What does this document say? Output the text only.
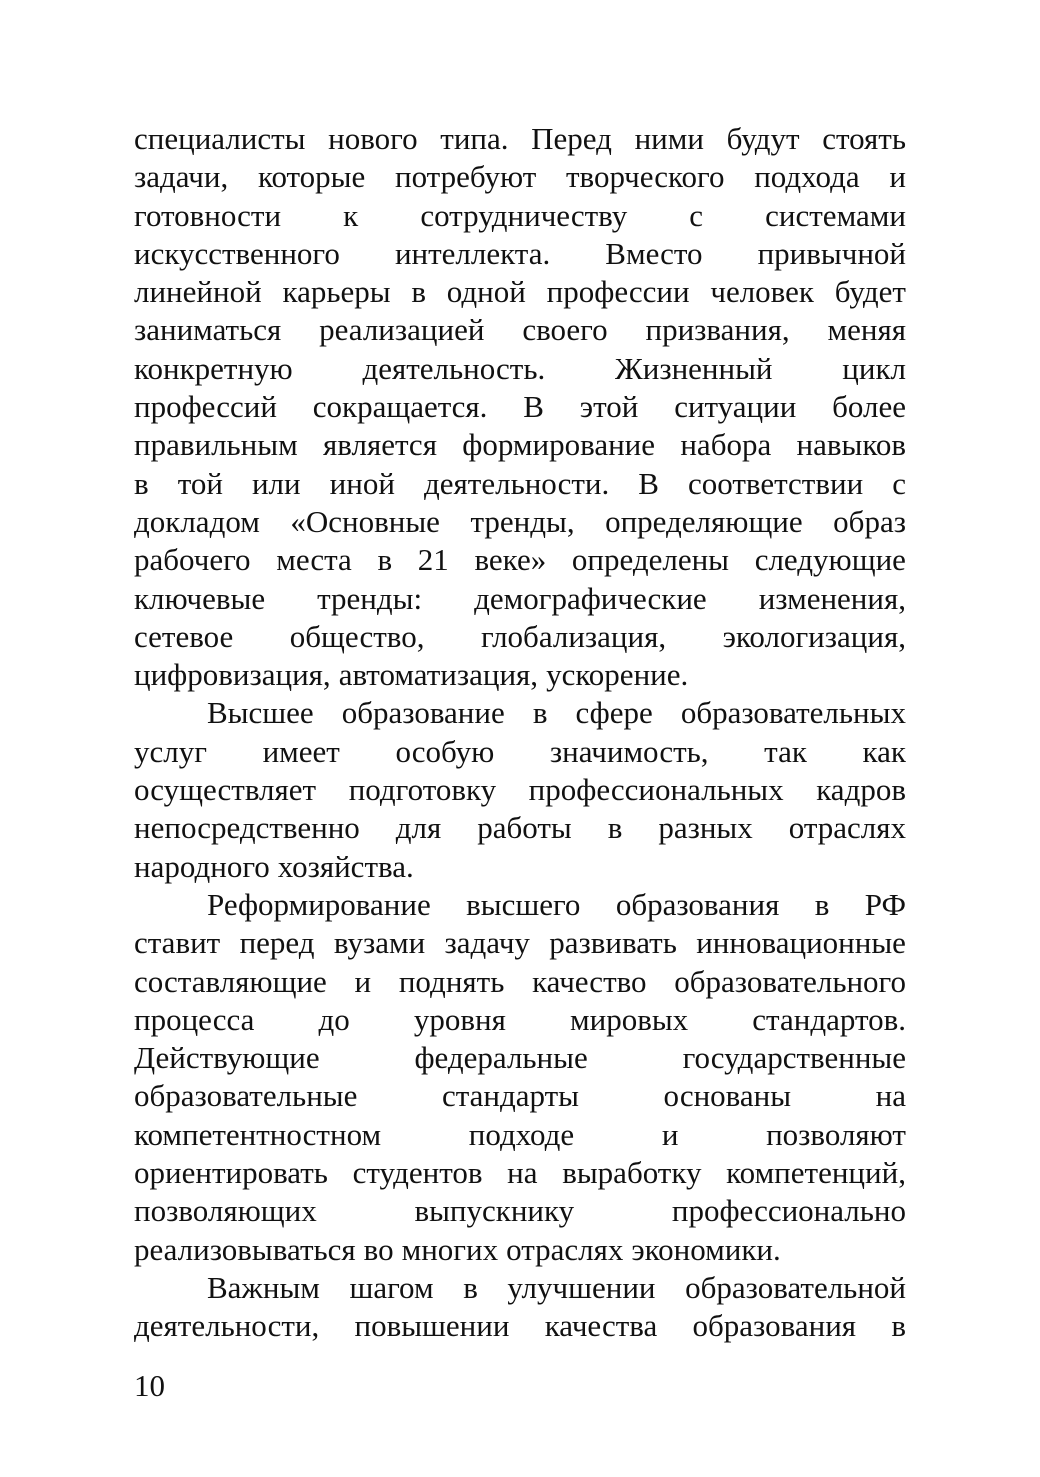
специалисты нового типа. Перед ними будут стоять
задачи, которые потребуют творческого подхода и
готовности к сотрудничеству с системами
искусственного интеллекта. Вместо привычной
линейной карьеры в одной профессии человек будет
заниматься реализацией своего призвания, меняя
конкретную деятельность. Жизненный цикл
профессий сокращается. В этой ситуации более
правильным является формирование набора навыков
в той или иной деятельности. В соответствии с
докладом «Основные тренды, определяющие образ
рабочего места в 21 веке» определены следующие
ключевые тренды: демографические изменения,
сетевое общество, глобализация, экологизация,
цифровизация, автоматизация, ускорение.
Высшее образование в сфере образовательных
услуг имеет особую значимость, так как
осуществляет подготовку профессиональных кадров
непосредственно для работы в разных отраслях
народного хозяйства.
Реформирование высшего образования в РФ
ставит перед вузами задачу развивать инновационные
составляющие и поднять качество образовательного
процесса до уровня мировых стандартов.
Действующие	федеральные	государственные
образовательные	стандарты	основаны	на
компетентностном	подходе	и	позволяют
ориентировать студентов на выработку компетенций,
позволяющих	выпускнику	профессионально
реализовываться во многих отраслях экономики.
Важным шагом в улучшении образовательной
деятельности, повышении качества образования в
10
